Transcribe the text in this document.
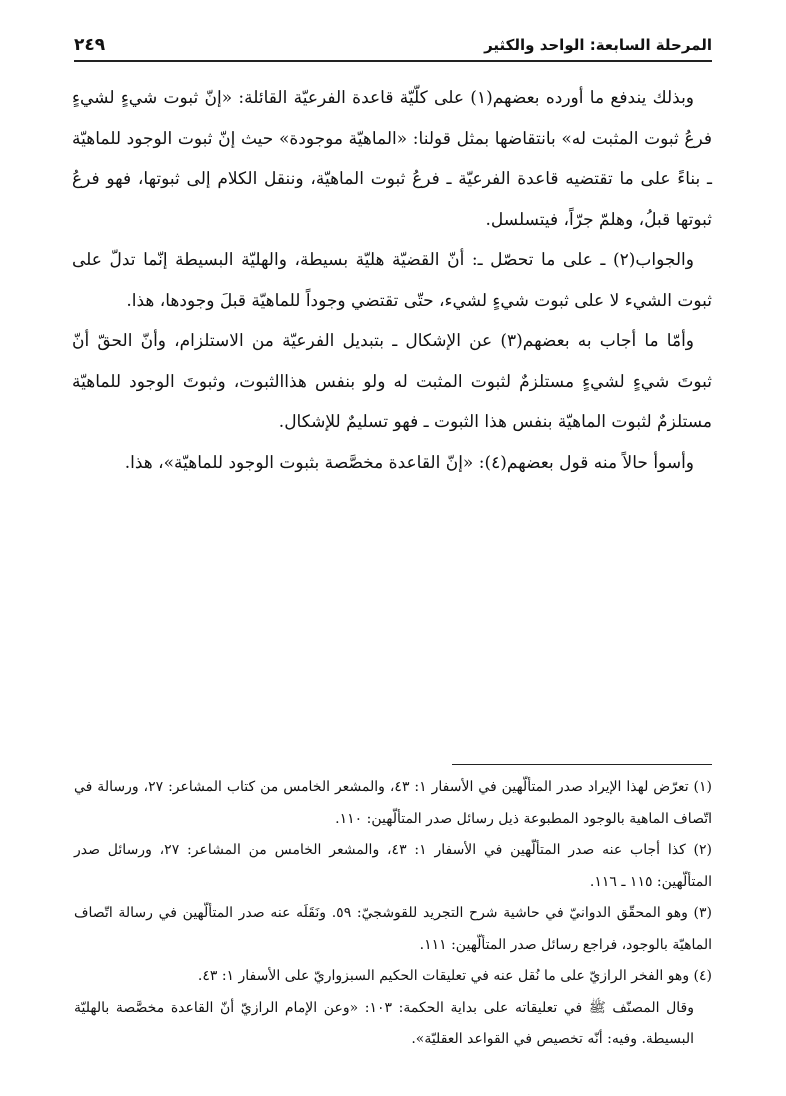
المرحلة السابعة: الواحد والكثير
٢٤٩

وبذلك يندفع ما أورده بعضهم(١) على كلّيّة قاعدة الفرعيّة القائلة: «إنّ ثبوت شيءٍ لشيءٍ فرعُ ثبوت المثبت له» بانتقاضها بمثل قولنا: «الماهيّة موجودة» حيث إنّ ثبوت الوجود للماهيّة ـ بناءً على ما تقتضيه قاعدة الفرعيّة ـ فرعُ ثبوت الماهيّة، وننقل الكلام إلى ثبوتها، فهو فرعُ ثبوتها قبلُ، وهلمّ جرّاً، فيتسلسل.

والجواب(٢) ـ على ما تحصّل ـ: أنّ القضيّة هليّة بسيطة، والهليّة البسيطة إنّما تدلّ على ثبوت الشيء لا على ثبوت شيءٍ لشيء، حتّى تقتضي وجوداً للماهيّة قبلَ وجودها، هذا.

وأمّا ما أجاب به بعضهم(٣) عن الإشكال ـ بتبديل الفرعيّة من الاستلزام، وأنّ الحقّ أنّ ثبوتَ شيءٍ لشيءٍ مستلزمٌ لثبوت المثبت له ولو بنفس هذاالثبوت، وثبوتَ الوجود للماهيّة مستلزمٌ لثبوت الماهيّة بنفس هذا الثبوت ـ فهو تسليمٌ للإشكال.

وأسوأ حالاً منه قول بعضهم(٤): «إنّ القاعدة مخصَّصة بثبوت الوجود للماهيّة»، هذا.

(١) تعرّض لهذا الإيراد صدر المتألّهين في الأسفار ١: ٤٣، والمشعر الخامس من كتاب المشاعر: ٢٧، ورسالة في اتّصاف الماهية بالوجود المطبوعة ذيل رسائل صدر المتألّهين: ١١٠.

(٢) كذا أجاب عنه صدر المتألّهين في الأسفار ١: ٤٣، والمشعر الخامس من المشاعر: ٢٧، ورسائل صدر المتألّهين: ١١٥ ـ ١١٦.

(٣) وهو المحقّق الدوانيّ في حاشية شرح التجريد للقوشجيّ: ٥٩. ونَقَلَه عنه صدر المتألّهين في رسالة اتّصاف الماهيّة بالوجود، فراجع رسائل صدر المتألّهين: ١١١.

(٤) وهو الفخر الرازيّ على ما نُقل عنه في تعليقات الحكيم السبزواريّ على الأسفار ١: ٤٣.

وقال المصنّف ﷺ في تعليقاته على بداية الحكمة: ١٠٣: «وعن الإمام الرازيّ أنّ القاعدة مخصَّصة بالهليّة البسيطة. وفيه: أنّه تخصيص في القواعد العقليّة».
